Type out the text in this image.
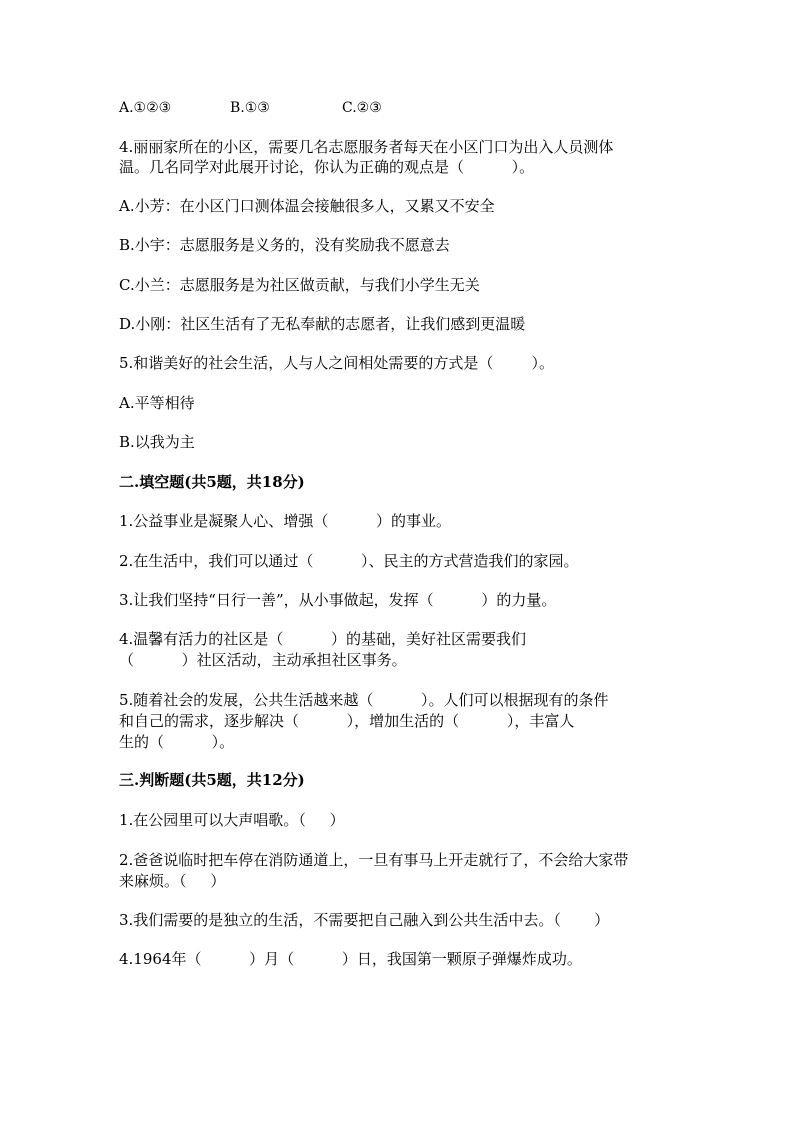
A.①②③	B.①③	C.②③

4.丽丽家所在的小区，需要几名志愿服务者每天在小区门口为出入人员测体

温。几名同学对此展开讨论，你认为正确的观点是（          ）。

A.小芳：在小区门口测体温会接触很多人，又累又不安全

B.小宇：志愿服务是义务的，没有奖励我不愿意去

C.小兰：志愿服务是为社区做贡献，与我们小学生无关

D.小刚：社区生活有了无私奉献的志愿者，让我们感到更温暖

5.和谐美好的社会生活，人与人之间相处需要的方式是（        ）。

A.平等相待

B.以我为主

二.填空题(共5题，共18分)

1.公益事业是凝聚人心、增强（          ）的事业。

2.在生活中，我们可以通过（          ）、民主的方式营造我们的家园。

3.让我们坚持“日行一善”，从小事做起，发挥（          ）的力量。

4.温馨有活力的社区是（          ）的基础，美好社区需要我们

（          ）社区活动，主动承担社区事务。

5.随着社会的发展，公共生活越来越（          ）。人们可以根据现有的条件

和自己的需求，逐步解决（          ），增加生活的（          ），丰富人

生的（          ）。

三.判断题(共5题，共12分)

1.在公园里可以大声唱歌。（     ）

2.爸爸说临时把车停在消防通道上，一旦有事马上开走就行了，不会给大家带

来麻烦。（     ）

3.我们需要的是独立的生活，不需要把自己融入到公共生活中去。（       ）

4.1964年（          ）月（          ）日，我国第一颗原子弹爆炸成功。
